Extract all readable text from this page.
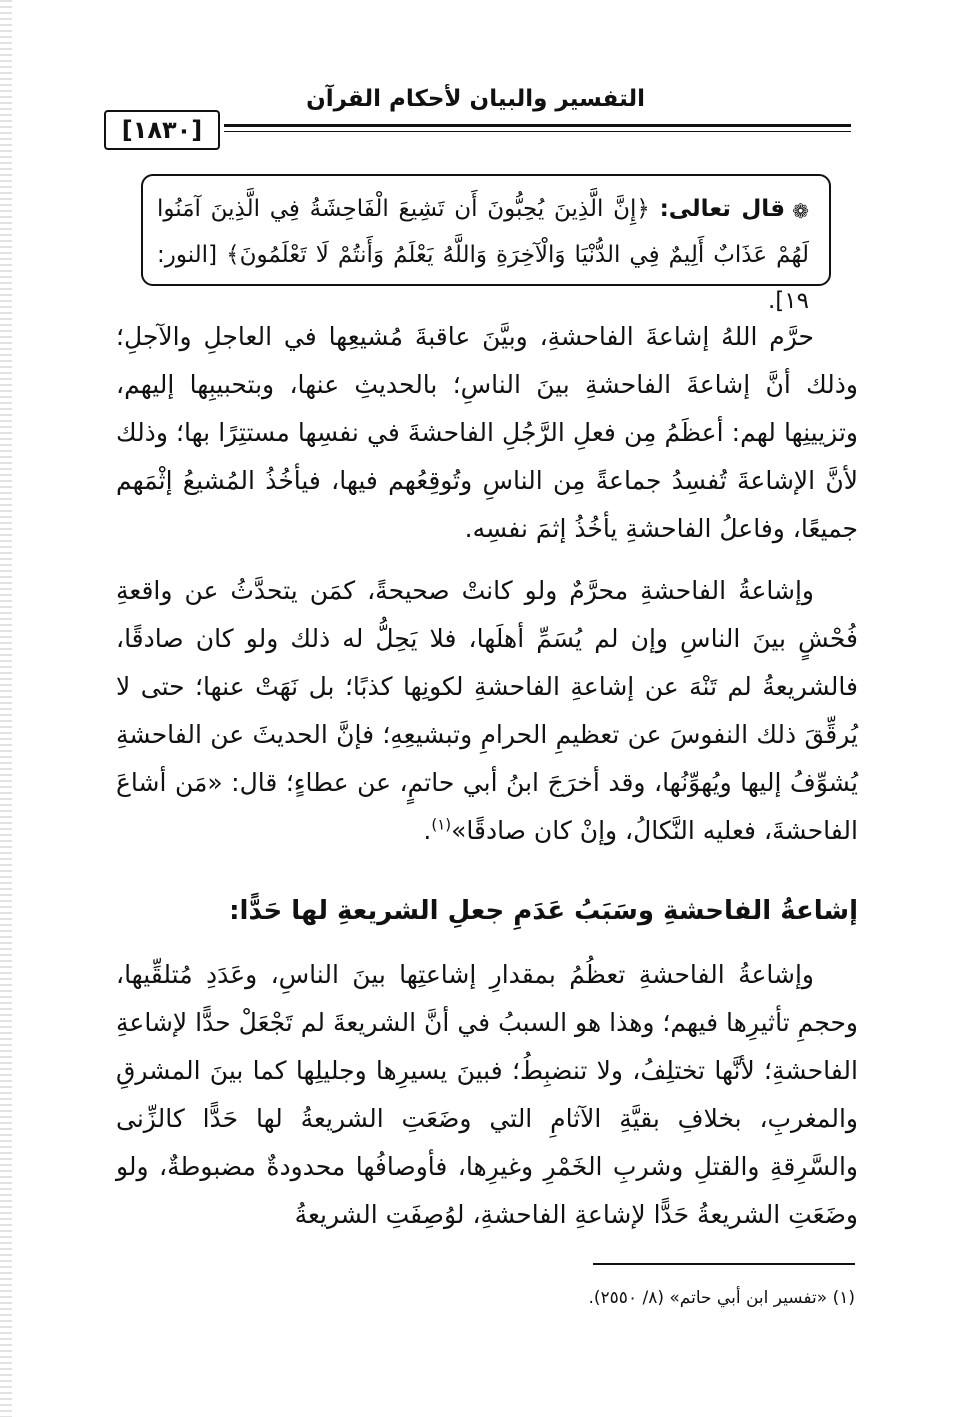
التفسير والبيان لأحكام القرآن
[١٨٣٠]
❁قال تعالى: ﴿إِنَّ الَّذِينَ يُحِبُّونَ أَن تَشِيعَ الْفَاحِشَةُ فِي الَّذِينَ آمَنُوا لَهُمْ عَذَابٌ أَلِيمٌ فِي الدُّنْيَا وَالْآخِرَةِ وَاللَّهُ يَعْلَمُ وَأَنتُمْ لَا تَعْلَمُونَ﴾ [النور: ١٩].
حرَّم اللهُ إشاعةَ الفاحشةِ، وبيَّنَ عاقبةَ مُشيعِها في العاجلِ والآجلِ؛ وذلك أنَّ إشاعةَ الفاحشةِ بينَ الناسِ؛ بالحديثِ عنها، وبتحبيبِها إليهم، وتزيينِها لهم: أعظَمُ مِن فعلِ الرَّجُلِ الفاحشةَ في نفسِها مستتِرًا بها؛ وذلك لأنَّ الإشاعةَ تُفسِدُ جماعةً مِن الناسِ وتُوقِعُهم فيها، فيأخُذُ المُشيعُ إثْمَهم جميعًا، وفاعلُ الفاحشةِ يأخُذُ إثمَ نفسِه.
وإشاعةُ الفاحشةِ محرَّمٌ ولو كانتْ صحيحةً، كمَن يتحدَّثُ عن واقعةِ فُحْشٍ بينَ الناسِ وإن لم يُسَمِّ أهلَها، فلا يَحِلُّ له ذلك ولو كان صادقًا، فالشريعةُ لم تَنْهَ عن إشاعةِ الفاحشةِ لكونِها كذبًا؛ بل نَهَتْ عنها؛ حتى لا يُرقِّقَ ذلك النفوسَ عن تعظيمِ الحرامِ وتبشيعِهِ؛ فإنَّ الحديثَ عن الفاحشةِ يُشوِّفُ إليها ويُهوِّنُها، وقد أخرَجَ ابنُ أبي حاتمٍ، عن عطاءٍ؛ قال: «مَن أشاعَ الفاحشةَ، فعليه النَّكالُ، وإنْ كان صادقًا»$^{(١)}$.
إشاعةُ الفاحشةِ وسَبَبُ عَدَمِ جعلِ الشريعةِ لها حَدًّا:
وإشاعةُ الفاحشةِ تعظُمُ بمقدارِ إشاعتِها بينَ الناسِ، وعَدَدِ مُتلقِّيها، وحجمِ تأثيرِها فيهم؛ وهذا هو السببُ في أنَّ الشريعةَ لم تَجْعَلْ حدًّا لإشاعةِ الفاحشةِ؛ لأنَّها تختلِفُ، ولا تنضبِطُ؛ فبينَ يسيرِها وجليلِها كما بينَ المشرقِ والمغربِ، بخلافِ بقيَّةِ الآثامِ التي وضَعَتِ الشريعةُ لها حَدًّا كالزِّنى والسَّرِقةِ والقتلِ وشربِ الخَمْرِ وغيرِها، فأوصافُها محدودةٌ مضبوطةٌ، ولو وضَعَتِ الشريعةُ حَدًّا لإشاعةِ الفاحشةِ، لوُصِفَتِ الشريعةُ
(١) «تفسير ابن أبي حاتم» (٨/ ٢٥٥٠).
